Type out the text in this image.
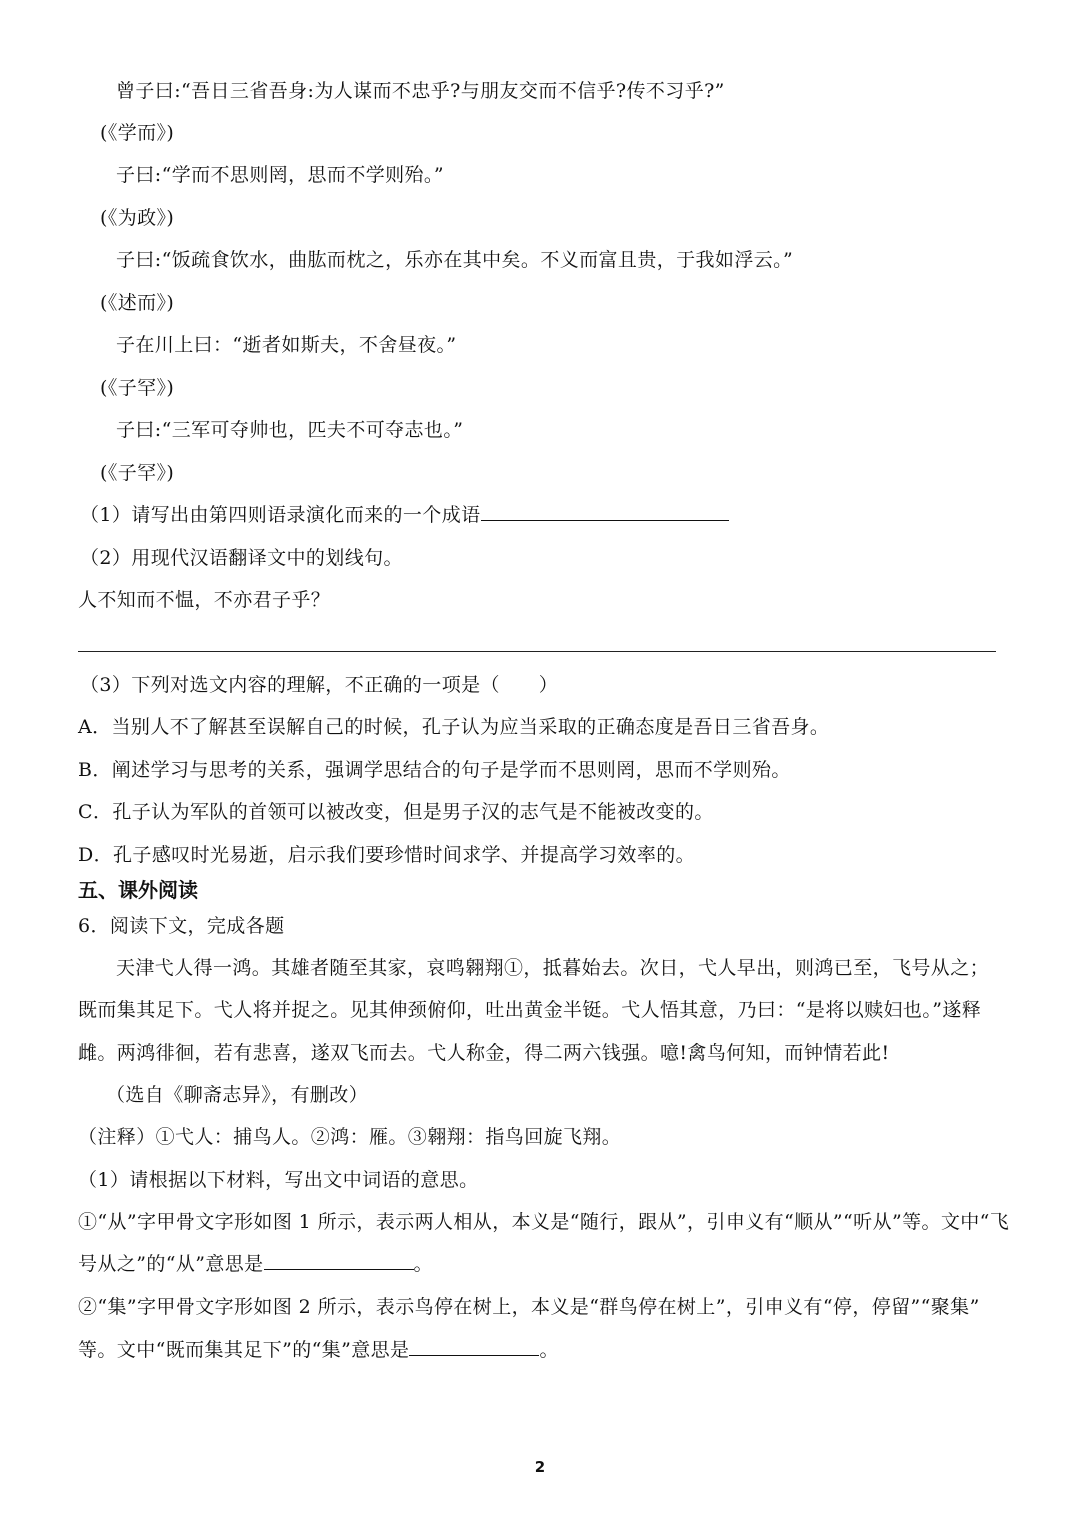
曾子曰:“吾日三省吾身:为人谋而不忠乎?与朋友交而不信乎?传不习乎?”
(《学而》)
子曰:“学而不思则罔，思而不学则殆。”
(《为政》)
子曰:“饭疏食饮水，曲肱而枕之，乐亦在其中矣。不义而富且贵，于我如浮云。”
(《述而》)
子在川上曰：“逝者如斯夫，不舍昼夜。”
(《子罕》)
子曰:“三军可夺帅也，匹夫不可夺志也。”
(《子罕》)
（1）请写出由第四则语录演化而来的一个成语
（2）用现代汉语翻译文中的划线句。
人不知而不愠，不亦君子乎？
（3）下列对选文内容的理解，不正确的一项是（　　）
A．当别人不了解甚至误解自己的时候，孔子认为应当采取的正确态度是吾日三省吾身。
B．阐述学习与思考的关系，强调学思结合的句子是学而不思则罔，思而不学则殆。
C．孔子认为军队的首领可以被改变，但是男子汉的志气是不能被改变的。
D．孔子感叹时光易逝，启示我们要珍惜时间求学、并提高学习效率的。
五、课外阅读
6．阅读下文，完成各题
天津弋人得一鸿。其雄者随至其家，哀鸣翱翔①，抵暮始去。次日，弋人早出，则鸿已至，飞号从之；
既而集其足下。弋人将并捉之。见其伸颈俯仰，吐出黄金半铤。弋人悟其意，乃曰：“是将以赎妇也。”遂释
雌。两鸿徘徊，若有悲喜，遂双飞而去。弋人称金，得二两六钱强。噫!禽鸟何知，而钟情若此!
（选自《聊斋志异》，有删改）
（注释）①弋人：捕鸟人。②鸿：雁。③翱翔：指鸟回旋飞翔。
（1）请根据以下材料，写出文中词语的意思。
①“从”字甲骨文字形如图 1 所示，表示两人相从，本义是“随行，跟从”，引申义有“顺从”“听从”等。文中“飞
号从之”的“从”意思是	。
②“集”字甲骨文字形如图 2 所示，表示鸟停在树上，本义是“群鸟停在树上”，引申义有“停，停留”“聚集”
等。文中“既而集其足下”的“集”意思是	。
2
